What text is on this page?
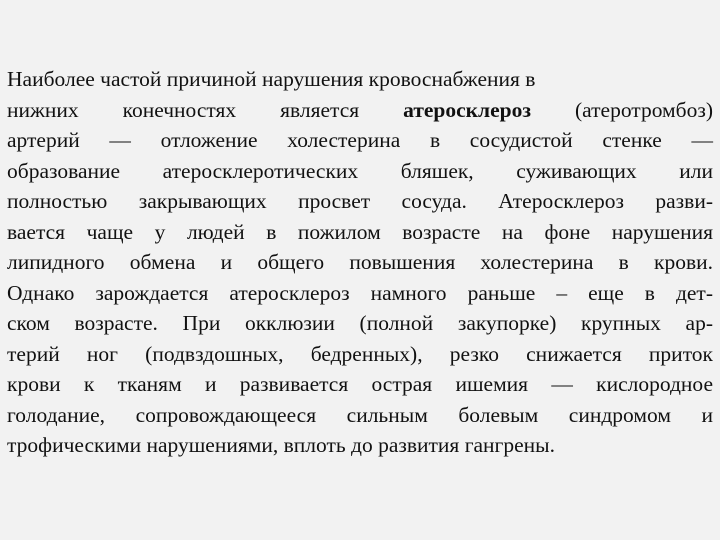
Наиболее частой причиной нарушения кровоснабжения в
нижних конечностях является атеросклероз (атеротромбоз)
артерий — отложение холестерина в сосудистой стенке —
образование атеросклеротических бляшек, суживающих или
полностью закрывающих просвет сосуда. Атеросклероз разви-
вается чаще у людей в пожилом возрасте на фоне нарушения
липидного обмена и общего повышения холестерина в крови.
Однако зарождается атеросклероз намного раньше – еще в дет-
ском возрасте. При окклюзии (полной закупорке) крупных ар-
терий ног (подвздошных, бедренных), резко снижается приток
крови к тканям и развивается острая ишемия — кислородное
голодание, сопровождающееся сильным болевым синдромом и
трофическими нарушениями, вплоть до развития гангрены.
